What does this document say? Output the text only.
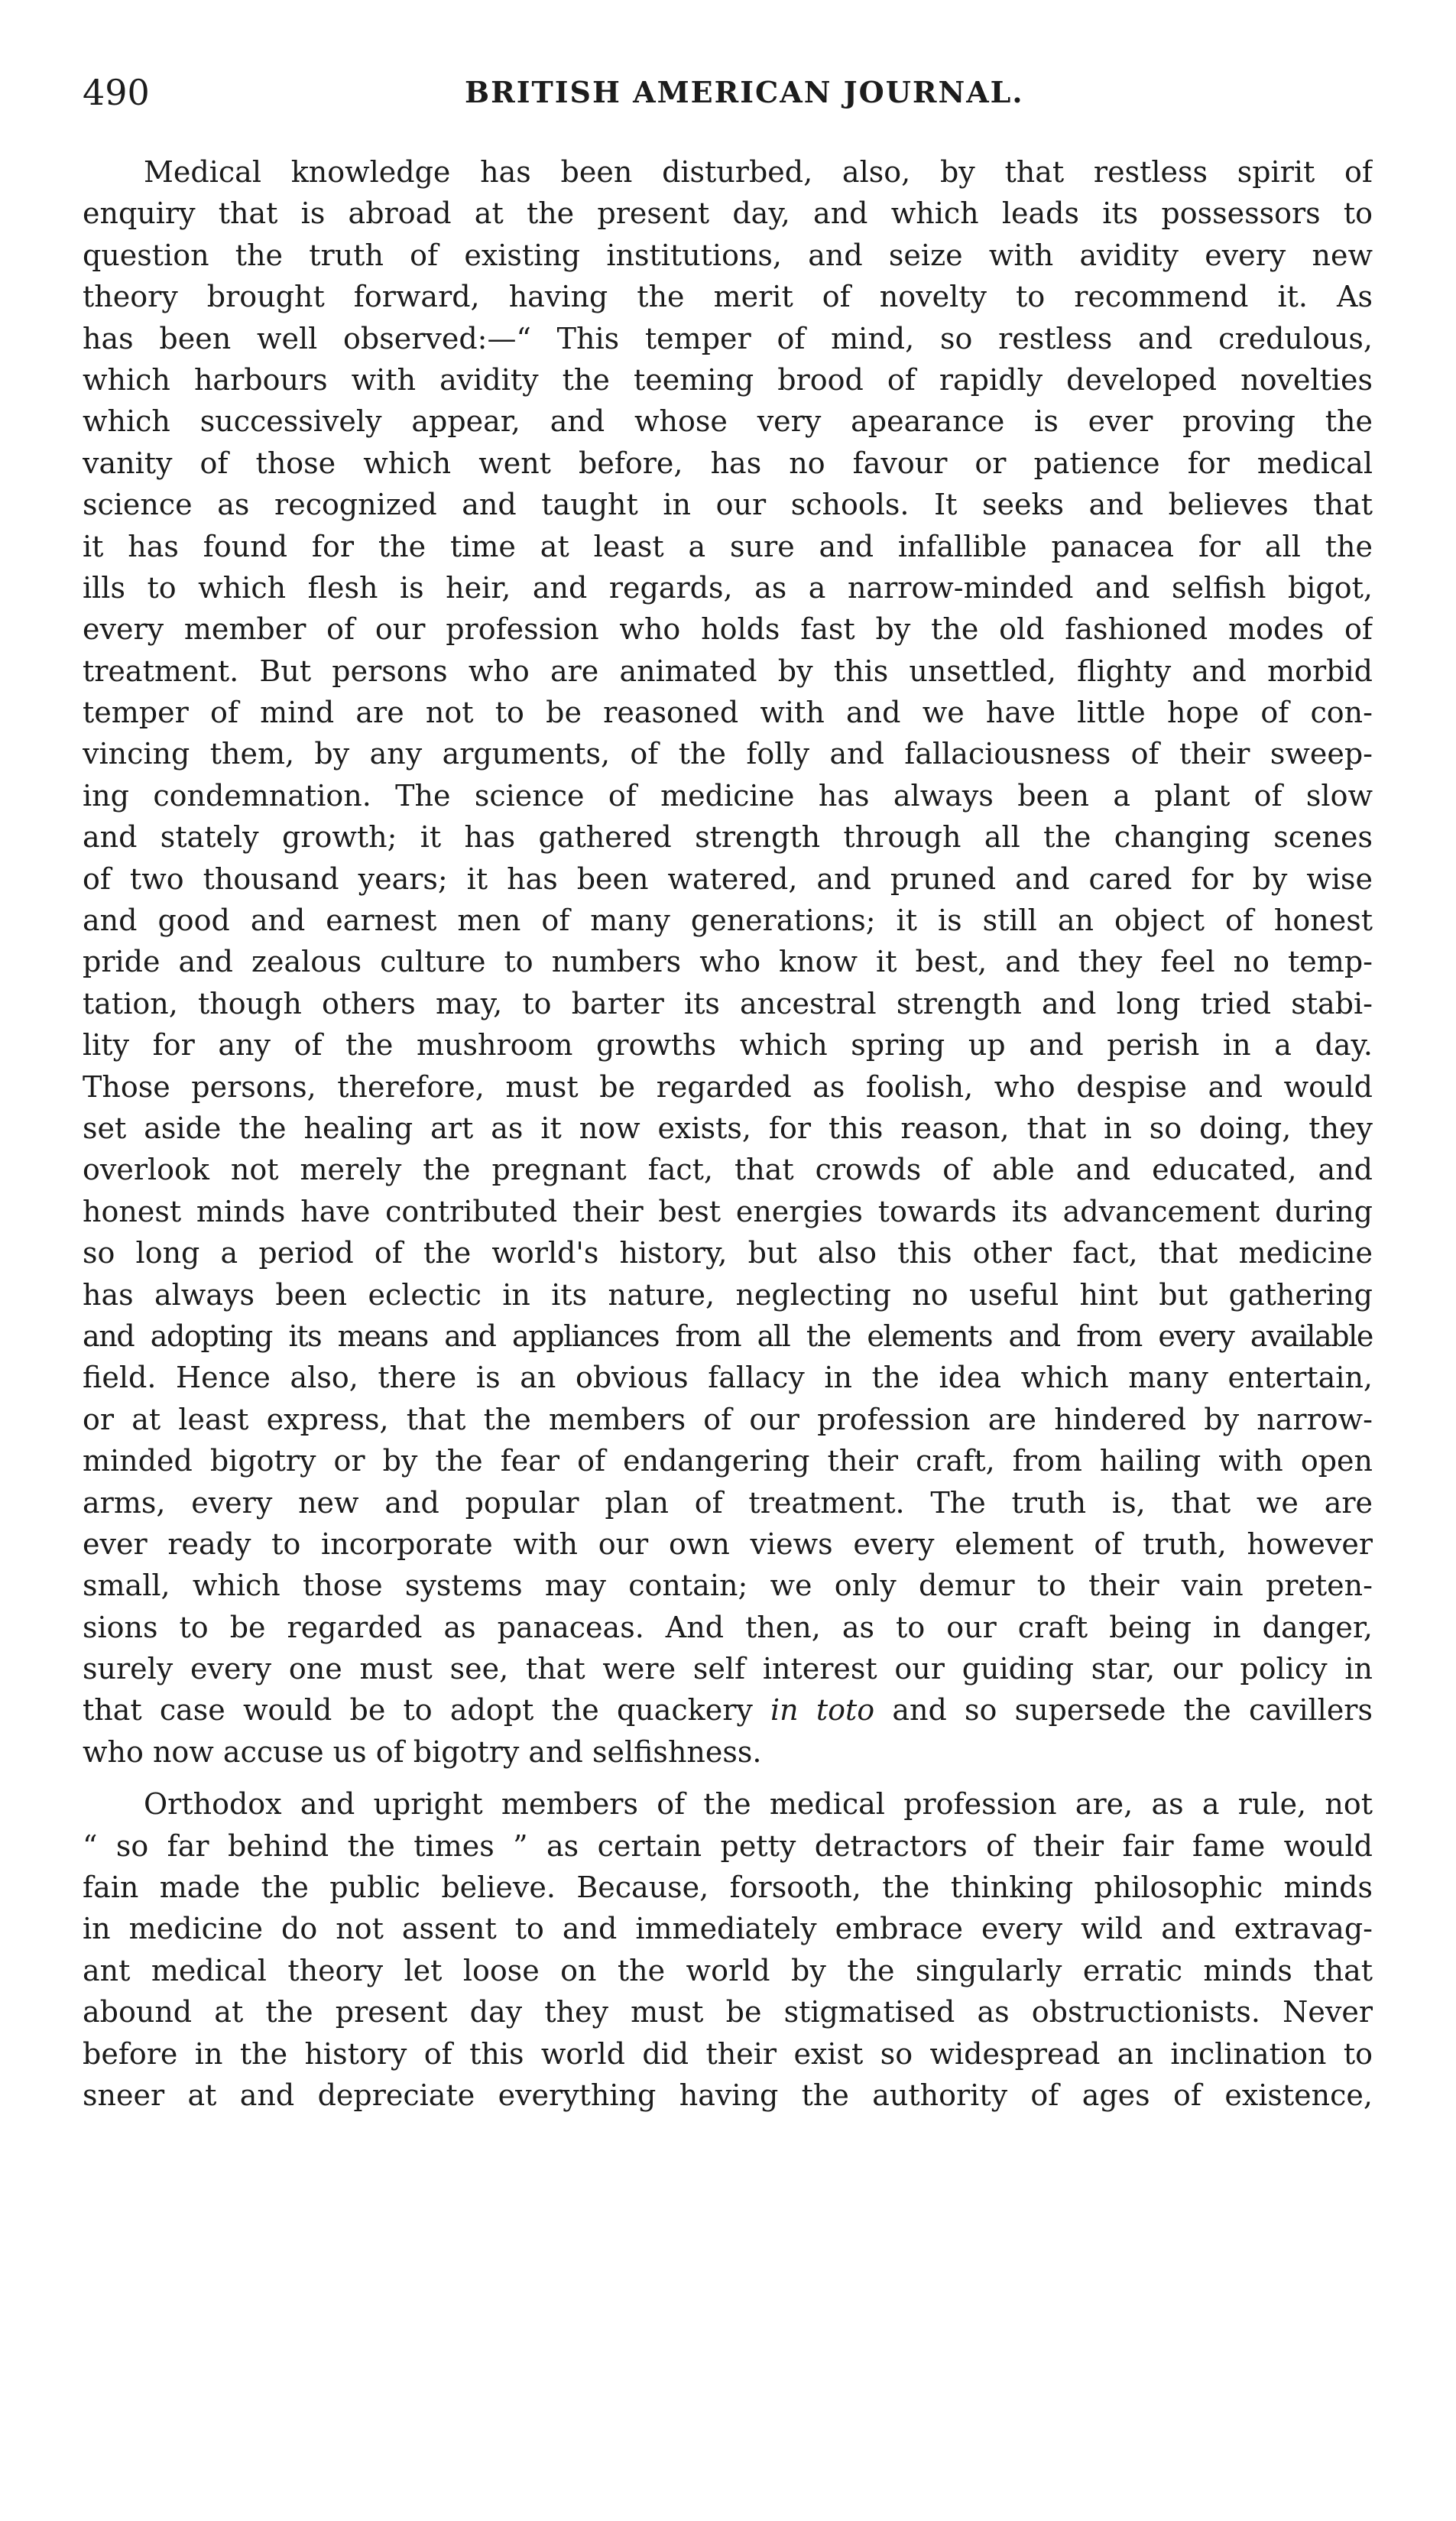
490	BRITISH AMERICAN JOURNAL.
Medical knowledge has been disturbed, also, by that restless spirit of
enquiry that is abroad at the present day, and which leads its possessors to
question the truth of existing institutions, and seize with avidity every new
theory brought forward, having the merit of novelty to recommend it. As
has been well observed:—“ This temper of mind, so restless and credulous,
which harbours with avidity the teeming brood of rapidly developed novelties
which successively appear, and whose very apearance is ever proving the
vanity of those which went before, has no favour or patience for medical
science as recognized and taught in our schools. It seeks and believes that
it has found for the time at least a sure and infallible panacea for all the
ills to which flesh is heir, and regards, as a narrow-minded and selfish bigot,
every member of our profession who holds fast by the old fashioned modes of
treatment. But persons who are animated by this unsettled, flighty and morbid
temper of mind are not to be reasoned with and we have little hope of con-
vincing them, by any arguments, of the folly and fallaciousness of their sweep-
ing condemnation. The science of medicine has always been a plant of slow
and stately growth; it has gathered strength through all the changing scenes
of two thousand years; it has been watered, and pruned and cared for by wise
and good and earnest men of many generations; it is still an object of honest
pride and zealous culture to numbers who know it best, and they feel no temp-
tation, though others may, to barter its ancestral strength and long tried stabi-
lity for any of the mushroom growths which spring up and perish in a day.
Those persons, therefore, must be regarded as foolish, who despise and would
set aside the healing art as it now exists, for this reason, that in so doing, they
overlook not merely the pregnant fact, that crowds of able and educated, and
honest minds have contributed their best energies towards its advancement during
so long a period of the world's history, but also this other fact, that medicine
has always been eclectic in its nature, neglecting no useful hint but gathering
and adopting its means and appliances from all the elements and from every available
field. Hence also, there is an obvious fallacy in the idea which many entertain,
or at least express, that the members of our profession are hindered by narrow-
minded bigotry or by the fear of endangering their craft, from hailing with open
arms, every new and popular plan of treatment. The truth is, that we are
ever ready to incorporate with our own views every element of truth, however
small, which those systems may contain; we only demur to their vain preten-
sions to be regarded as panaceas. And then, as to our craft being in danger,
surely every one must see, that were self interest our guiding star, our policy in
that case would be to adopt the quackery in toto and so supersede the cavillers
who now accuse us of bigotry and selfishness.
Orthodox and upright members of the medical profession are, as a rule, not
“ so far behind the times ” as certain petty detractors of their fair fame would
fain made the public believe. Because, forsooth, the thinking philosophic minds
in medicine do not assent to and immediately embrace every wild and extravag-
ant medical theory let loose on the world by the singularly erratic minds that
abound at the present day they must be stigmatised as obstructionists. Never
before in the history of this world did their exist so widespread an inclination to
sneer at and depreciate everything having the authority of ages of existence,
